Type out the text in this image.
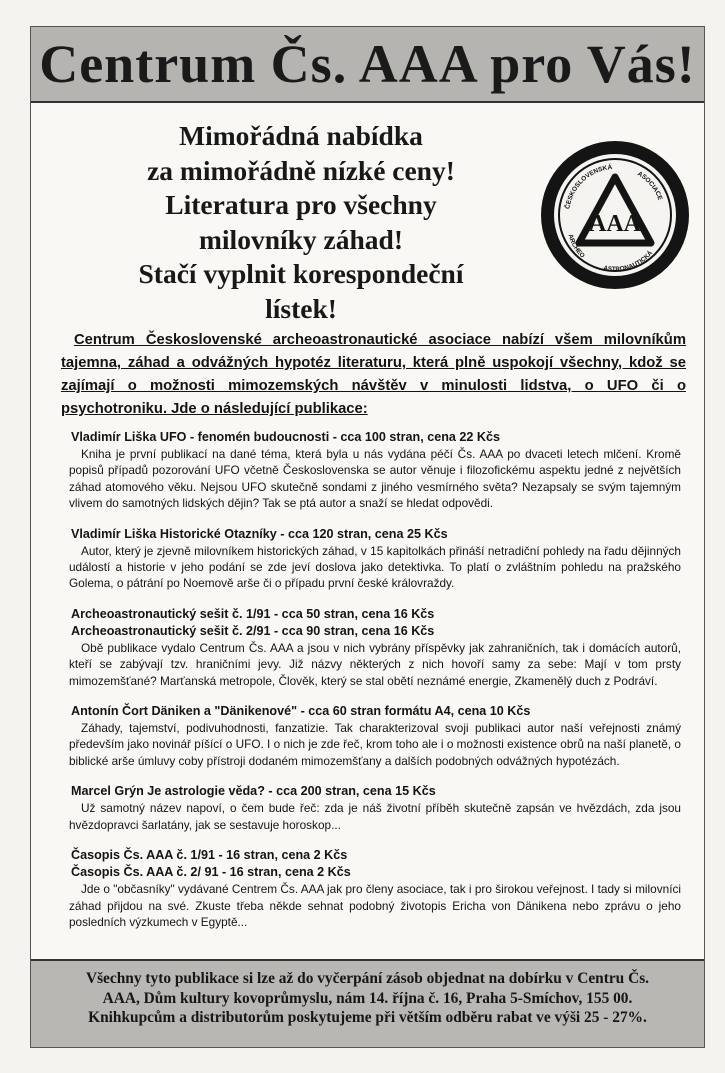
Centrum Čs. AAA pro Vás!
Mimořádná nabídka
za mimořádně nízké ceny!
Literatura pro všechny
milovníky záhad!
Stačí vyplnit korespondeční
lístek!
AAA
ČESKOSLOVENSKÁ
ASOCIACE
ARCHEO
ASTRONAUTICKÁ
Centrum Československé archeoastronautické asociace nabízí všem milovníkům tajemna, záhad a odvážných hypotéz literaturu, která plně uspokojí všechny, kdož se zajímají o možnosti mimozemských návštěv v minulosti lidstva, o UFO či o psychotroniku. Jde o následující publikace:
Vladimír Liška UFO - fenomén budoucnosti - cca 100 stran, cena 22 Kčs
Kniha je první publikací na dané téma, která byla u nás vydána péčí Čs. AAA po dvaceti letech mlčení. Kromě popisů případů pozorování UFO včetně Československa se autor věnuje i filozofickému aspektu jedné z největších záhad atomového věku. Nejsou UFO skutečně sondami z jiného vesmírného světa? Nezapsaly se svým tajemným vlivem do samotných lidských dějin? Tak se ptá autor a snaží se hledat odpovědi.
Vladimír Liška Historické Otazníky - cca 120 stran, cena 25 Kčs
Autor, který je zjevně milovníkem historických záhad, v 15 kapitolkách přináší netradiční pohledy na řadu dějinných událostí a historie v jeho podání se zde jeví doslova jako detektivka. To platí o zvláštním pohledu na pražského Golema, o pátrání po Noemově arše či o případu první české královraždy.
Archeoastronautický sešit č. 1/91 - cca 50 stran, cena 16 Kčs
Archeoastronautický sešit č. 2/91 - cca 90 stran, cena 16 Kčs
Obě publikace vydalo Centrum Čs. AAA a jsou v nich vybrány příspěvky jak zahraničních, tak i domácích autorů, kteří se zabývají tzv. hraničními jevy. Již názvy některých z nich hovoří samy za sebe: Mají v tom prsty mimozemšťané? Marťanská metropole, Člověk, který se stal obětí neznámé energie, Zkamenělý duch z Podráví.
Antonín Čort Däniken a "Dänikenové" - cca 60 stran formátu A4, cena 10 Kčs
Záhady, tajemství, podivuhodnosti, fanzatizie. Tak charakterizoval svoji publikaci autor naší veřejnosti známý především jako novinář píšící o UFO. I o nich je zde řeč, krom toho ale i o možnosti existence obrů na naší planetě, o biblické arše úmluvy coby přístroji dodaném mimozemšťany a dalších podobných odvážných hypotézách.
Marcel Grýn Je astrologie věda? - cca 200 stran, cena 15 Kčs
Už samotný název napoví, o čem bude řeč: zda je náš životní příběh skutečně zapsán ve hvězdách, zda jsou hvězdopravci šarlatány, jak se sestavuje horoskop...
Časopis Čs. AAA č. 1/91 - 16 stran, cena 2 Kčs
Časopis Čs. AAA č. 2/ 91 - 16 stran, cena 2 Kčs
Jde o "občasníky" vydávané Centrem Čs. AAA jak pro členy asociace, tak i pro širokou veřejnost. I tady si milovníci záhad přijdou na své. Zkuste třeba někde sehnat podobný životopis Ericha von Dänikena nebo zprávu o jeho posledních výzkumech v Egyptě...
Všechny tyto publikace si lze až do vyčerpání zásob objednat na dobírku v Centru Čs.
AAA, Dům kultury kovoprůmyslu, nám 14. října č. 16, Praha 5-Smíchov, 155 00.
Knihkupcům a distributorům poskytujeme při větším odběru rabat ve výši 25 - 27%.
